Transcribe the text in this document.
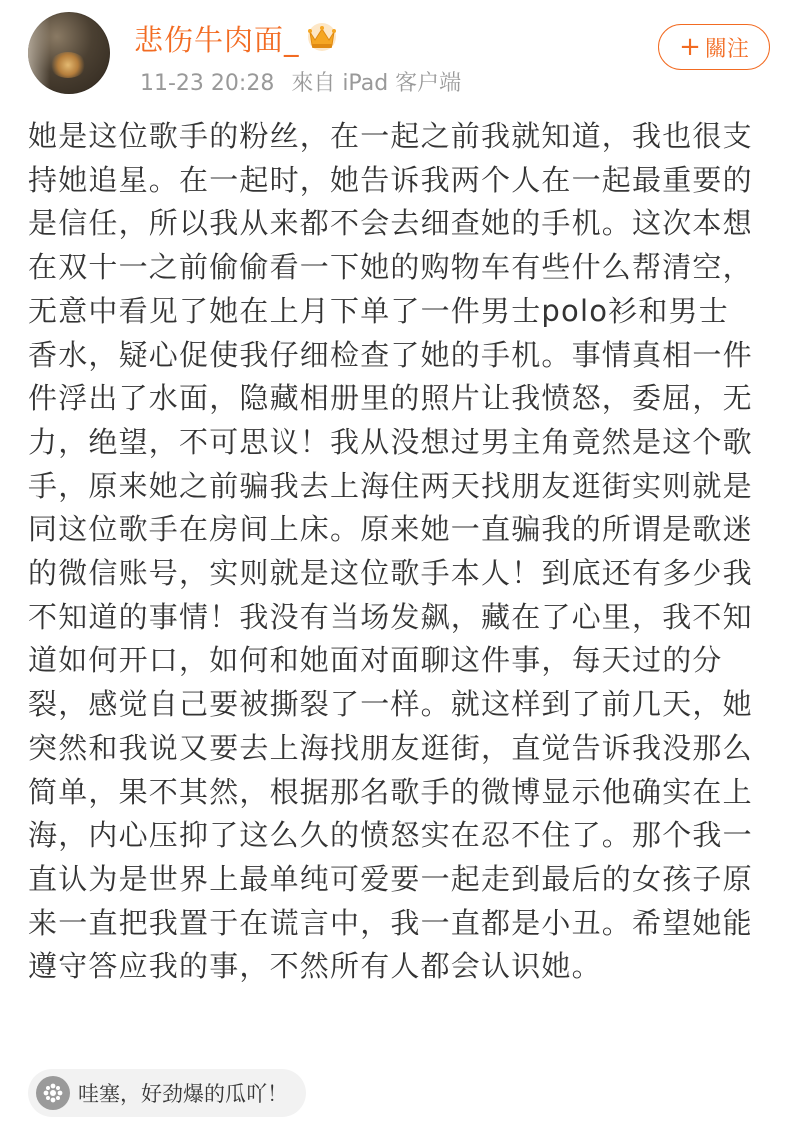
悲伤牛肉面_
11-23 20:28 來自 iPad 客户端
+ 關注

她是这位歌手的粉丝，在一起之前我就知道，我也很支持她追星。在一起时，她告诉我两个人在一起最重要的是信任，所以我从来都不会去细查她的手机。这次本想在双十一之前偷偷看一下她的购物车有些什么帮清空，无意中看见了她在上月下单了一件男士polo衫和男士香水，疑心促使我仔细检查了她的手机。事情真相一件件浮出了水面，隐藏相册里的照片让我愤怒，委屈，无力，绝望，不可思议！我从没想过男主角竟然是这个歌手，原来她之前骗我去上海住两天找朋友逛街实则就是同这位歌手在房间上床。原来她一直骗我的所谓是歌迷的微信账号，实则就是这位歌手本人！到底还有多少我不知道的事情！我没有当场发飙，藏在了心里，我不知道如何开口，如何和她面对面聊这件事，每天过的分裂，感觉自己要被撕裂了一样。就这样到了前几天，她突然和我说又要去上海找朋友逛街，直觉告诉我没那么简单，果不其然，根据那名歌手的微博显示他确实在上海，内心压抑了这么久的愤怒实在忍不住了。那个我一直认为是世界上最单纯可爱要一起走到最后的女孩子原来一直把我置于在谎言中，我一直都是小丑。希望她能遵守答应我的事，不然所有人都会认识她。

哇塞，好劲爆的瓜吖！
